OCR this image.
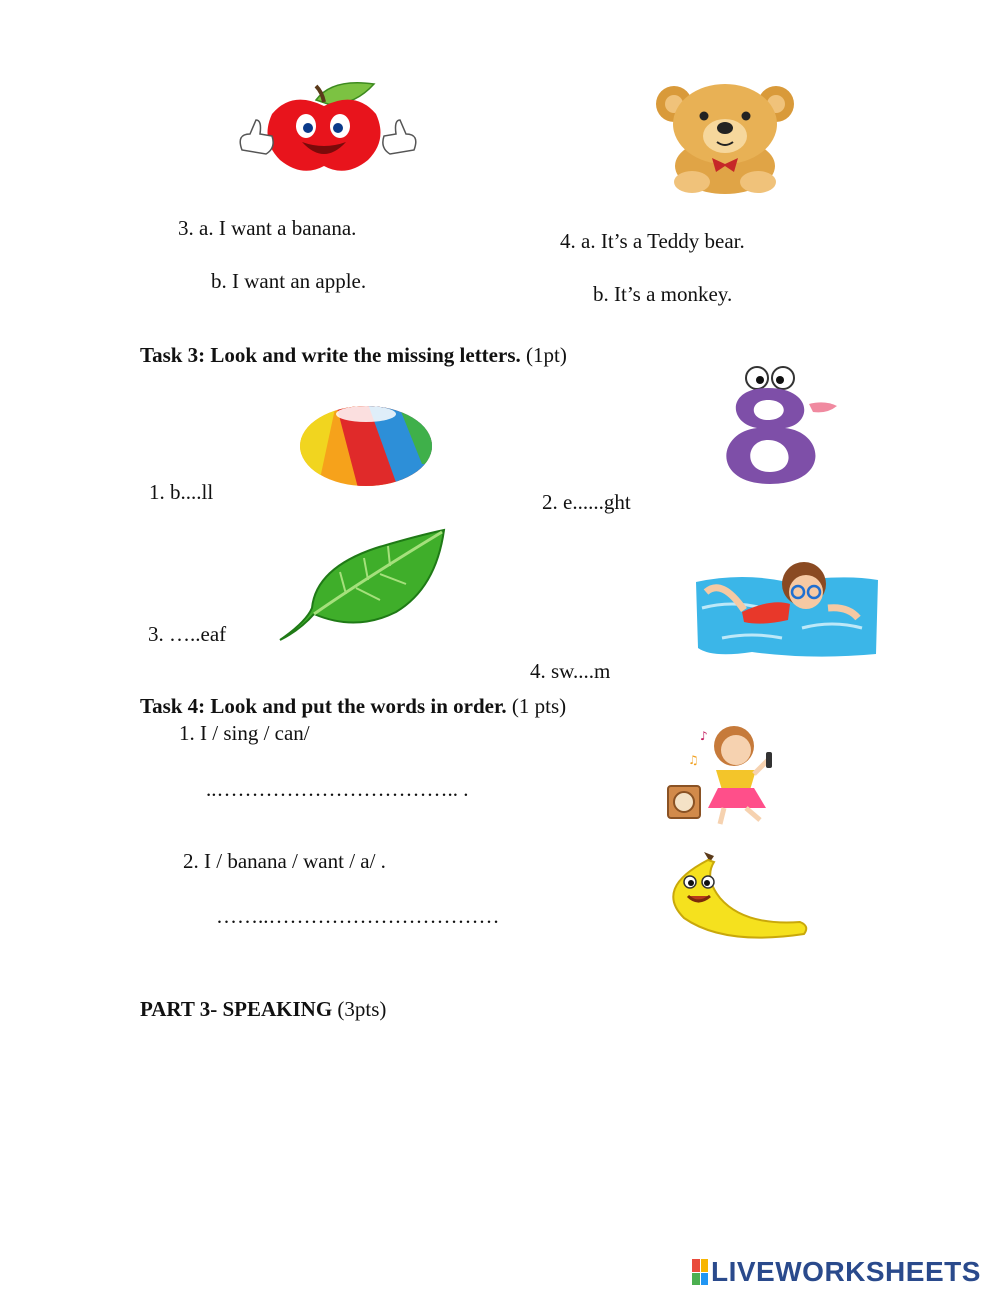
3. a. I want a banana.
b. I want an apple.
4. a. It’s a Teddy bear.
b. It’s a monkey.
Task 3: Look and write the missing letters. (1pt)
1. b....ll	2. e......ght
3. …..eaf
4. sw....m
Task 4: Look and put the words in order. (1 pts)
1. I / sing / can/
..…………………………….. .
♪
♫
2. I / banana / want / a/ .
……..……………………………
PART 3- SPEAKING (3pts)
LIVEWORKSHEETS
